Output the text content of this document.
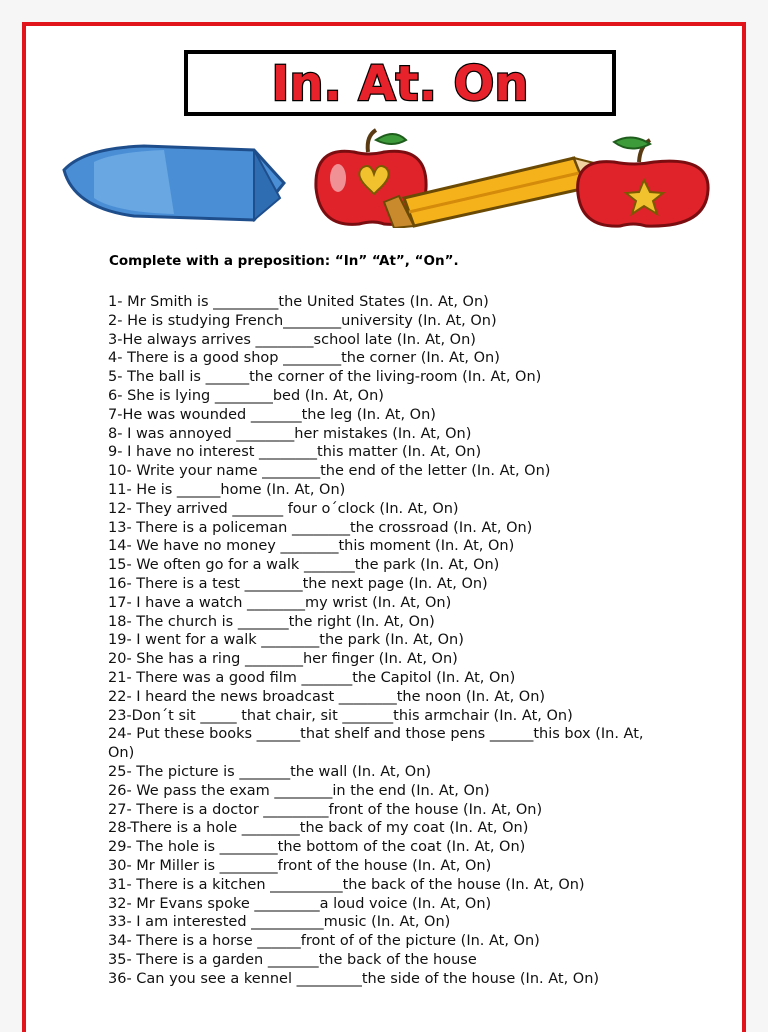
In. At. On
Complete with a preposition: “In” “At”, “On”.
1- Mr Smith is _________the United States (In. At, On)
2- He is studying French________university (In. At, On)
3-He always arrives ________school late (In. At, On)
4- There is a good shop ________the corner (In. At, On)
5- The ball is ______the corner of the living-room (In. At, On)
6- She is lying ________bed (In. At, On)
7-He was wounded _______the leg (In. At, On)
8- I was annoyed ________her mistakes (In. At, On)
9- I have no interest ________this matter (In. At, On)
10- Write your name ________the end of the letter (In. At, On)
11- He is ______home (In. At, On)
12- They arrived _______ four o´clock (In. At, On)
13- There is a policeman ________the crossroad (In. At, On)
14- We have no money ________this moment (In. At, On)
15- We often go for a walk _______the park (In. At, On)
16- There is a test ________the next page (In. At, On)
17- I have a watch ________my wrist (In. At, On)
18- The church is _______the right (In. At, On)
19- I went for a walk ________the park (In. At, On)
20- She has a ring ________her finger (In. At, On)
21- There was a good film _______the Capitol (In. At, On)
22- I heard the news broadcast ________the noon (In. At, On)
23-Don´t sit _____ that chair, sit _______this armchair (In. At, On)
24- Put these books ______that shelf and those pens ______this box (In. At, On)
25- The picture is _______the wall (In. At, On)
26- We pass the exam ________in the end (In. At, On)
27- There is a doctor _________front of the house (In. At, On)
28-There is a hole ________the back of my coat (In. At, On)
29- The hole is ________the bottom of the coat (In. At, On)
30- Mr Miller is ________front of the house (In. At, On)
31- There is a kitchen __________the back of the house (In. At, On)
32- Mr Evans spoke _________a loud voice (In. At, On)
33- I am interested __________music (In. At, On)
34- There is a horse ______front of of the picture (In. At, On)
35- There is a garden _______the back of the house
36- Can you see a kennel _________the side of the house (In. At, On)
